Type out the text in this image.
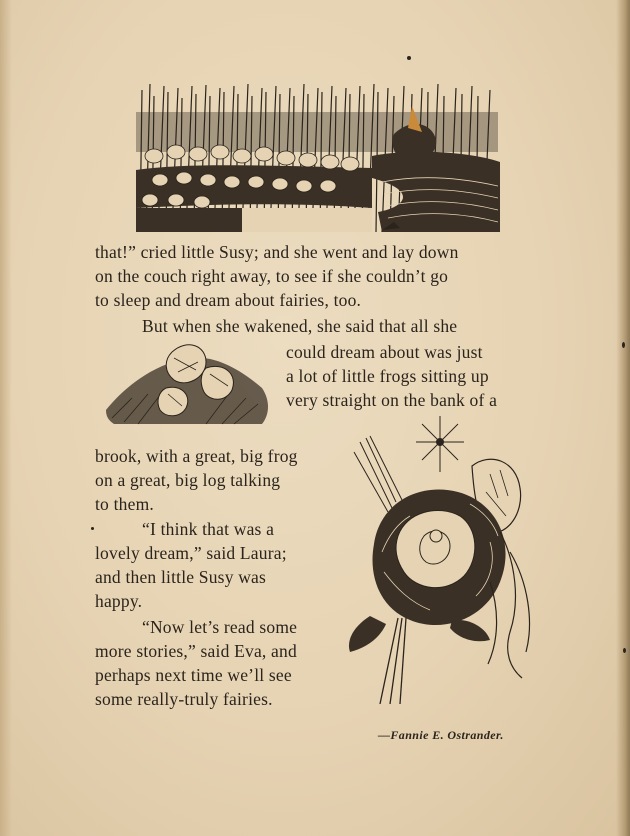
that!” cried little Susy; and she went and lay down
on the couch right away, to see if she couldn’t go
to sleep and dream about fairies, too.
But when she wakened, she said that all she
could dream about was just
a lot of little frogs sitting up
very straight on the bank of a
brook, with a great, big frog
on a great, big log talking
to them.
“I think that was a
lovely dream,” said Laura;
and then little Susy was
happy.
“Now let’s read some
more stories,” said Eva, and
perhaps next time we’ll see
some really-truly fairies.
—Fannie E. Ostrander.
